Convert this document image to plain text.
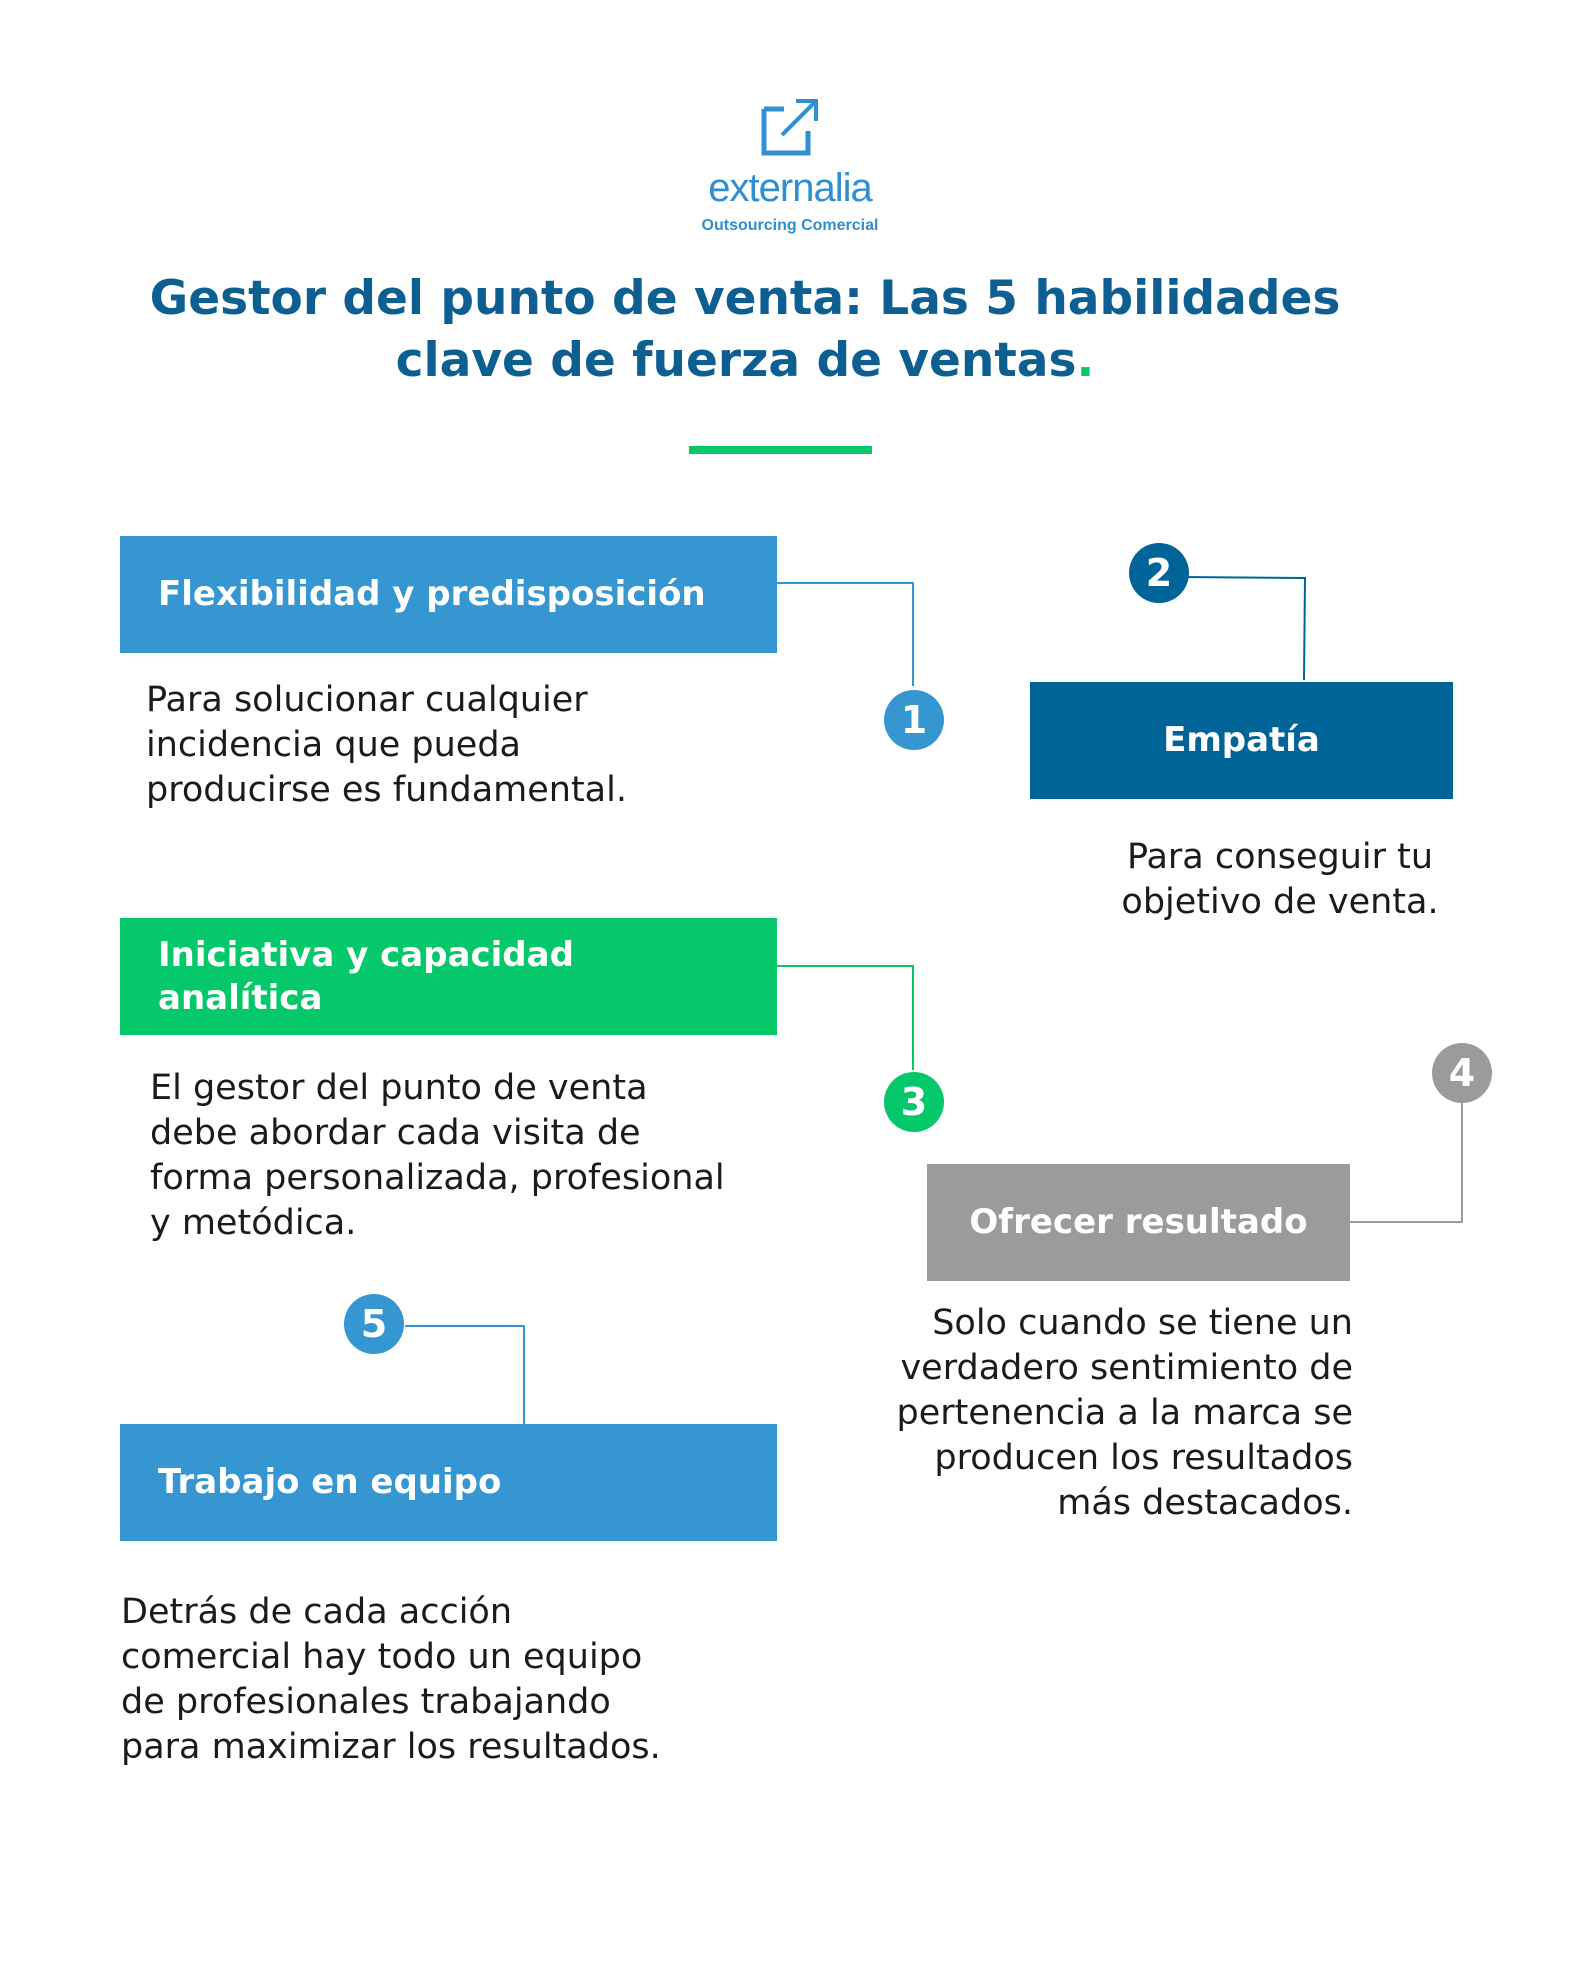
externalia
Outsourcing Comercial
Gestor del punto de venta: Las 5 habilidades
clave de fuerza de ventas.
Flexibilidad y predisposición
Para solucionar cualquier
incidencia que pueda
producirse es fundamental.
1
2
Empatía
Para conseguir tu
objetivo de venta.
Iniciativa y capacidad analítica
El gestor del punto de venta
debe abordar cada visita de
forma personalizada, profesional
y metódica.
3
4
Ofrecer resultado
Solo cuando se tiene un
verdadero sentimiento de
pertenencia a la marca se
producen los resultados
más destacados.
5
Trabajo en equipo
Detrás de cada acción
comercial hay todo un equipo
de profesionales trabajando
para maximizar los resultados.
